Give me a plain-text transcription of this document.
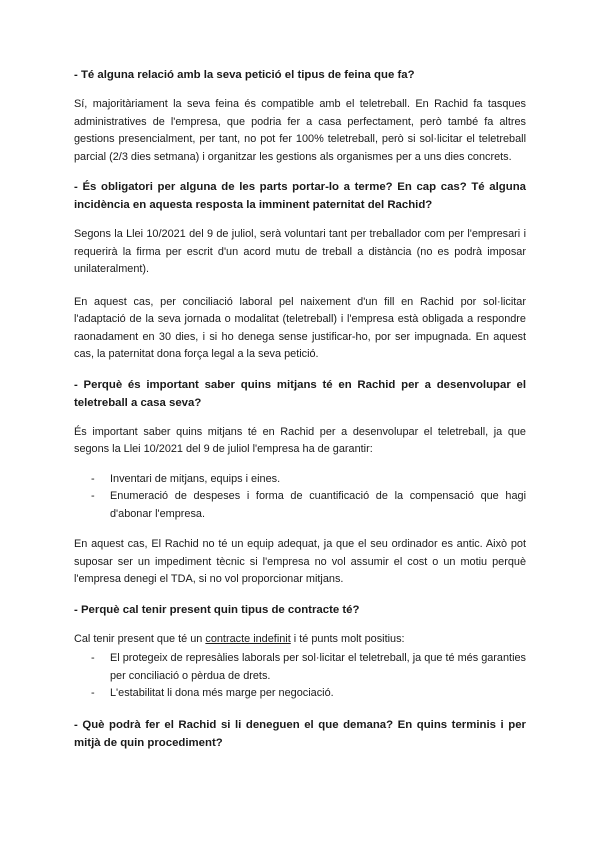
- Té alguna relació amb la seva petició el tipus de feina que fa?

Sí, majoritàriament la seva feina és compatible amb el teletreball. En Rachid fa tasques administratives de l'empresa, que podria fer a casa perfectament, però també fa altres gestions presencialment, per tant, no pot fer 100% teletreball, però si sol·licitar el teletreball parcial (2/3 dies setmana) i organitzar les gestions als organismes per a uns dies concrets.

- És obligatori per alguna de les parts portar-lo a terme? En cap cas? Té alguna incidència en aquesta resposta la imminent paternitat del Rachid?

Segons la Llei 10/2021 del 9 de juliol, serà voluntari tant per treballador com per l'empresari i requerirà la firma per escrit d'un acord mutu de treball a distància (no es podrà imposar unilateralment).

En aquest cas, per conciliació laboral pel naixement d'un fill en Rachid por sol·licitar l'adaptació de la seva jornada o modalitat (teletreball) i l'empresa està obligada a respondre raonadament en 30 dies, i si ho denega sense justificar-ho, por ser impugnada. En aquest cas, la paternitat dona força legal a la seva petició.

- Perquè és important saber quins mitjans té en Rachid per a desenvolupar el teletreball a casa seva?

És important saber quins mitjans té en Rachid per a desenvolupar el teletreball, ja que segons la Llei 10/2021 del 9 de juliol l'empresa ha de garantir:

- Inventari de mitjans, equips i eines.
- Enumeració de despeses i forma de cuantificació de la compensació que hagi d'abonar l'empresa.

En aquest cas, El Rachid no té un equip adequat, ja que el seu ordinador es antic. Això pot suposar ser un impediment tècnic si l'empresa no vol assumir el cost o un motiu perquè l'empresa denegi el TDA, si no vol proporcionar mitjans.

- Perquè cal tenir present quin tipus de contracte té?

Cal tenir present que té un contracte indefinit i té punts molt positius:

- El protegeix de represàlies laborals per sol·licitar el teletreball, ja que té més garanties per conciliació o pèrdua de drets.
- L'estabilitat li dona més marge per negociació.

- Què podrà fer el Rachid si li deneguen el que demana? En quins terminis i per mitjà de quin procediment?
